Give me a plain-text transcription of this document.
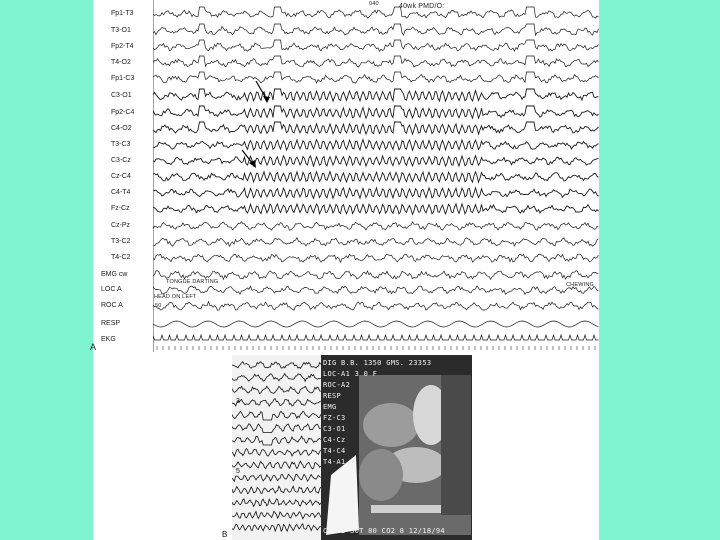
Fp1-T3
T3-O1
Fp2-T4
T4-O2
Fp1-C3
C3-O1
Fp2-C4
C4-O2
T3-C3
C3-Cz
Cz-C4
C4-T4
Fz-Cz
Cz-Pz
T3-C2
T4-C2
EMG cw
LOC A
ROC A
RESP
EKG
040	40wk PMD/O:
TONGUE DARTING
HEAD ON LEFT
CHEWING
50
A
3
5
DIG B.B. 1350 GMS. 23353
LOC-A1 3 0 F
ROC-A2
RESP
EMG
FZ-C3
C3-O1
C4-Cz
T4-C4
T4-A1
C4-O2 30T 80 CO2 8 12/18/94
B
